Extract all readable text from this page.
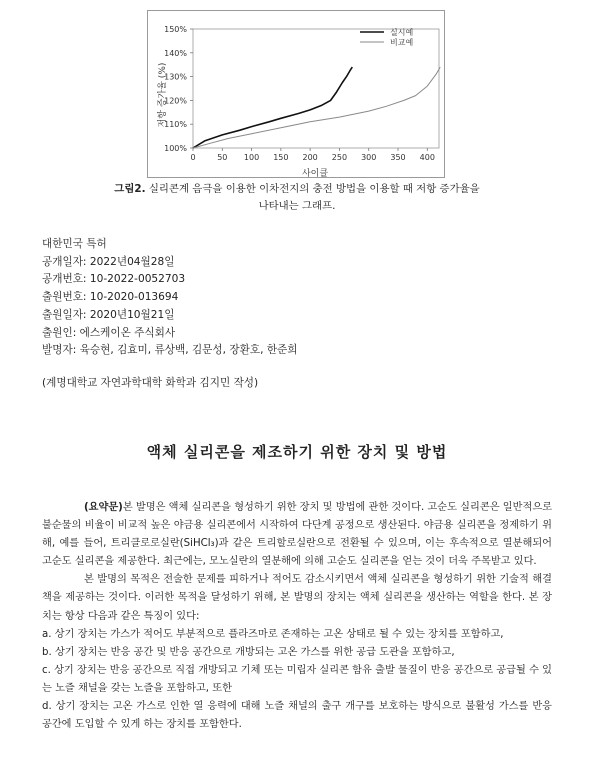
100%
110%
120%
130%
140%
150%
0	50 100 150 200 250 300 350 400
저항 증가율 (%)
사이클
실시예
비교예
그림2. 실리콘계 음극을 이용한 이차전지의 충전 방법을 이용할 때 저항 증가율을
나타내는 그래프.
대한민국 특허
공개일자: 2022년04월28일
공개번호: 10-2022-0052703
출원번호: 10-2020-013694
출원일자: 2020년10월21일
출원인: 에스케이온 주식회사
발명자: 육승현, 김효미, 류상백, 김문성, 장환호, 한준희
(계명대학교 자연과학대학 화학과 김지민 작성)
액체 실리콘을 제조하기 위한 장치 및 방법

(요약문)본 발명은 액체 실리콘을 형성하기 위한 장치 및 방법에 관한 것이다. 고순도 실리콘은 일반적으로 불순물의 비율이 비교적 높은 야금용 실리콘에서 시작하여 다단계 공정으로 생산된다. 야금용 실리콘을 정제하기 위해, 예를 들어, 트리클로로실란(SiHCl₃)과 같은 트리할로실란으로 전환될 수 있으며, 이는 후속적으로 열분해되어 고순도 실리콘을 제공한다. 최근에는, 모노실란의 열분해에 의해 고순도 실리콘을 얻는 것이 더욱 주목받고 있다.

본 발명의 목적은 전술한 문제를 피하거나 적어도 감소시키면서 액체 실리콘을 형성하기 위한 기술적 해결책을 제공하는 것이다. 이러한 목적을 달성하기 위해, 본 발명의 장치는 액체 실리콘을 생산하는 역할을 한다. 본 장치는 항상 다음과 같은 특징이 있다:

a. 상기 장치는 가스가 적어도 부분적으로 플라즈마로 존재하는 고온 상태로 될 수 있는 장치를 포함하고,

b. 상기 장치는 반응 공간 및 반응 공간으로 개방되는 고온 가스를 위한 공급 도관을 포함하고,

c. 상기 장치는 반응 공간으로 직접 개방되고 기체 또는 미립자 실리콘 함유 출발 물질이 반응 공간으로 공급될 수 있는 노즐 채널을 갖는 노즐을 포함하고, 또한

d. 상기 장치는 고온 가스로 인한 열 응력에 대해 노즐 채널의 출구 개구를 보호하는 방식으로 불활성 가스를 반응 공간에 도입할 수 있게 하는 장치를 포함한다.
